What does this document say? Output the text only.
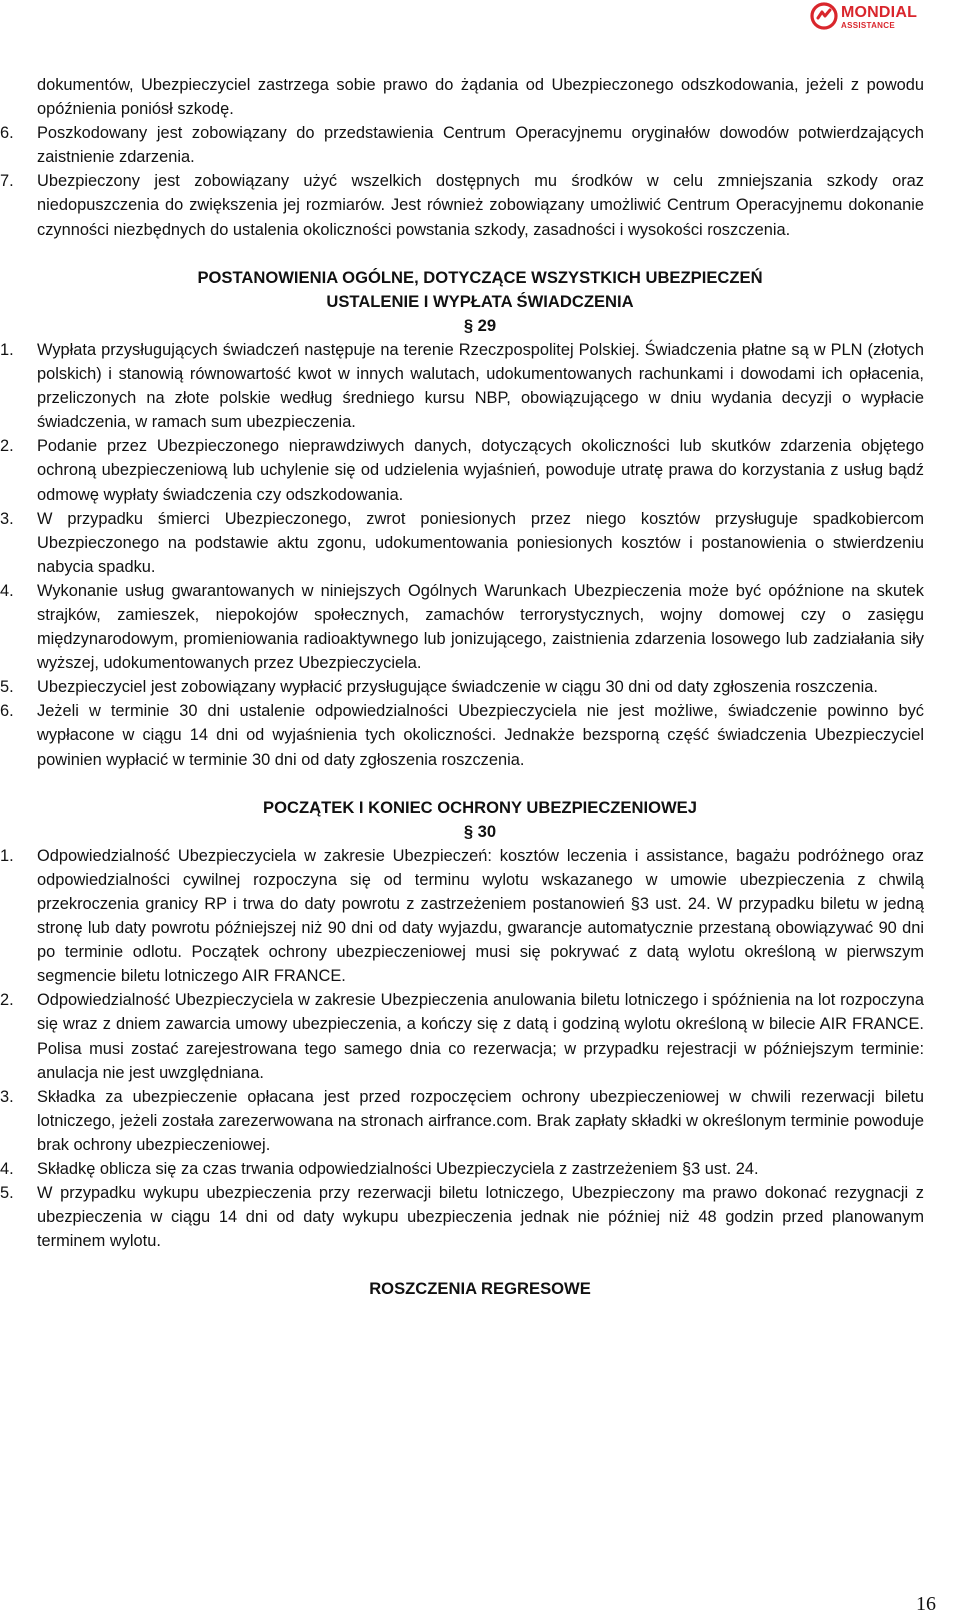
MONDIAL
ASSISTANCE
dokumentów, Ubezpieczyciel zastrzega sobie prawo do żądania od Ubezpieczonego odszkodowania, jeżeli z powodu opóźnienia poniósł szkodę.
6.	Poszkodowany jest zobowiązany do przedstawienia Centrum Operacyjnemu oryginałów dowodów potwierdzających zaistnienie zdarzenia.
7.	Ubezpieczony jest zobowiązany użyć wszelkich dostępnych mu środków w celu zmniejszania szkody oraz niedopuszczenia do zwiększenia jej rozmiarów. Jest również zobowiązany umożliwić Centrum Operacyjnemu dokonanie czynności niezbędnych do ustalenia okoliczności powstania szkody, zasadności i wysokości roszczenia.
POSTANOWIENIA OGÓLNE, DOTYCZĄCE WSZYSTKICH UBEZPIECZEŃ
USTALENIE I WYPŁATA ŚWIADCZENIA
§ 29
1.	Wypłata przysługujących świadczeń następuje na terenie Rzeczpospolitej Polskiej. Świadczenia płatne są w PLN (złotych polskich) i stanowią równowartość kwot w innych walutach, udokumentowanych rachunkami i dowodami ich opłacenia, przeliczonych na złote polskie według średniego kursu NBP, obowiązującego w dniu wydania decyzji o wypłacie świadczenia, w ramach sum ubezpieczenia.
2.	Podanie przez Ubezpieczonego nieprawdziwych danych, dotyczących okoliczności lub skutków zdarzenia objętego ochroną ubezpieczeniową lub uchylenie się od udzielenia wyjaśnień, powoduje utratę prawa do korzystania z usług bądź odmowę wypłaty świadczenia czy odszkodowania.
3.	W przypadku śmierci Ubezpieczonego, zwrot poniesionych przez niego kosztów przysługuje spadkobiercom Ubezpieczonego na podstawie aktu zgonu, udokumentowania poniesionych kosztów i postanowienia o stwierdzeniu nabycia spadku.
4.	Wykonanie usług gwarantowanych w niniejszych Ogólnych Warunkach Ubezpieczenia może być opóźnione na skutek strajków, zamieszek, niepokojów społecznych, zamachów terrorystycznych, wojny domowej czy o zasięgu międzynarodowym, promieniowania radioaktywnego lub jonizującego, zaistnienia zdarzenia losowego lub zadziałania siły wyższej, udokumentowanych przez Ubezpieczyciela.
5.	Ubezpieczyciel jest zobowiązany wypłacić przysługujące świadczenie w ciągu 30 dni od daty zgłoszenia roszczenia.
6.	Jeżeli w terminie 30 dni ustalenie odpowiedzialności Ubezpieczyciela nie jest możliwe, świadczenie powinno być wypłacone w ciągu 14 dni od wyjaśnienia tych okoliczności. Jednakże bezsporną część świadczenia Ubezpieczyciel powinien wypłacić w terminie 30 dni od daty zgłoszenia roszczenia.
POCZĄTEK I KONIEC OCHRONY UBEZPIECZENIOWEJ
§ 30
1.	Odpowiedzialność Ubezpieczyciela w zakresie Ubezpieczeń: kosztów leczenia i assistance, bagażu podróżnego oraz odpowiedzialności cywilnej rozpoczyna się od terminu wylotu wskazanego w umowie ubezpieczenia z chwilą przekroczenia granicy RP i trwa do daty powrotu z zastrzeżeniem postanowień §3 ust. 24. W przypadku biletu w jedną stronę lub daty powrotu późniejszej niż 90 dni od daty wyjazdu, gwarancje automatycznie przestaną obowiązywać 90 dni po terminie odlotu. Początek ochrony ubezpieczeniowej musi się pokrywać z datą wylotu określoną w pierwszym segmencie biletu lotniczego AIR FRANCE.
2.	Odpowiedzialność Ubezpieczyciela w zakresie Ubezpieczenia anulowania biletu lotniczego i spóźnienia na lot rozpoczyna się wraz z dniem zawarcia umowy ubezpieczenia, a kończy się z datą i godziną wylotu określoną w bilecie AIR FRANCE. Polisa musi zostać zarejestrowana tego samego dnia co rezerwacja; w przypadku rejestracji w późniejszym terminie: anulacja nie jest uwzględniana.
3.	Składka za ubezpieczenie opłacana jest przed rozpoczęciem ochrony ubezpieczeniowej w chwili rezerwacji biletu lotniczego, jeżeli została zarezerwowana na stronach airfrance.com. Brak zapłaty składki w określonym terminie powoduje brak ochrony ubezpieczeniowej.
4.	Składkę oblicza się za czas trwania odpowiedzialności Ubezpieczyciela z zastrzeżeniem §3 ust. 24.
5.	W przypadku wykupu ubezpieczenia przy rezerwacji biletu lotniczego, Ubezpieczony ma prawo dokonać rezygnacji z ubezpieczenia w ciągu 14 dni od daty wykupu ubezpieczenia jednak nie później niż 48 godzin przed planowanym terminem wylotu.
ROSZCZENIA REGRESOWE
16
